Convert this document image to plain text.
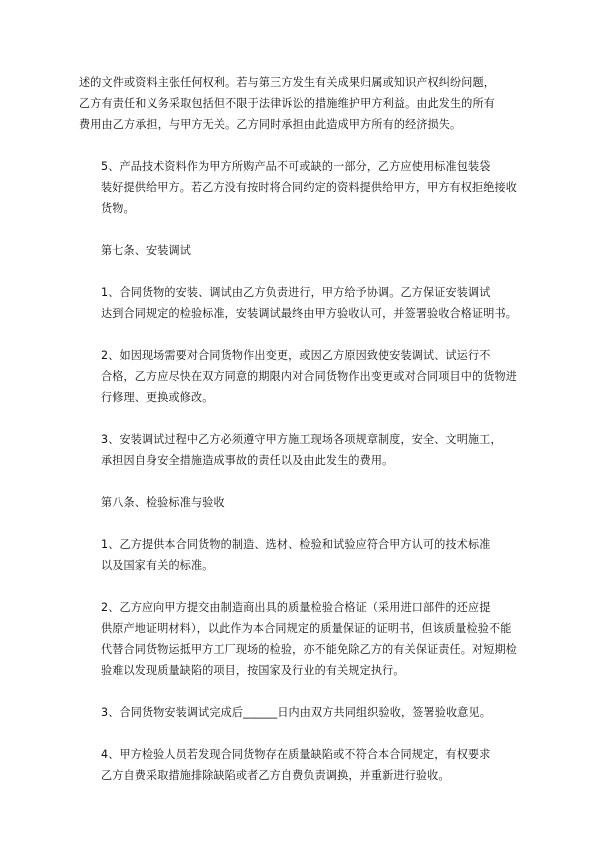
述的文件或资料主张任何权利。若与第三方发生有关成果归属或知识产权纠纷问题，
乙方有责任和义务采取包括但不限于法律诉讼的措施维护甲方利益。由此发生的所有
费用由乙方承担，与甲方无关。乙方同时承担由此造成甲方所有的经济损失。

5、产品技术资料作为甲方所购产品不可或缺的一部分，乙方应使用标准包装袋
装好提供给甲方。若乙方没有按时将合同约定的资料提供给甲方，甲方有权拒绝接收
货物。

第七条、安装调试

1、合同货物的安装、调试由乙方负责进行，甲方给予协调。乙方保证安装调试
达到合同规定的检验标准，安装调试最终由甲方验收认可，并签署验收合格证明书。

2、如因现场需要对合同货物作出变更，或因乙方原因致使安装调试、试运行不
合格，乙方应尽快在双方同意的期限内对合同货物作出变更或对合同项目中的货物进
行修理、更换或修改。

3、安装调试过程中乙方必须遵守甲方施工现场各项规章制度，安全、文明施工，
承担因自身安全措施造成事故的责任以及由此发生的费用。

第八条、检验标准与验收

1、乙方提供本合同货物的制造、选材、检验和试验应符合甲方认可的技术标准
以及国家有关的标准。

2、乙方应向甲方提交由制造商出具的质量检验合格证（采用进口部件的还应提
供原产地证明材料），以此作为本合同规定的质量保证的证明书，但该质量检验不能
代替合同货物运抵甲方工厂现场的检验，亦不能免除乙方的有关保证责任。对短期检
验难以发现质量缺陷的项目，按国家及行业的有关规定执行。

3、合同货物安装调试完成后______日内由双方共同组织验收，签署验收意见。

4、甲方检验人员若发现合同货物存在质量缺陷或不符合本合同规定，有权要求
乙方自费采取措施排除缺陷或者乙方自费负责调换，并重新进行验收。
